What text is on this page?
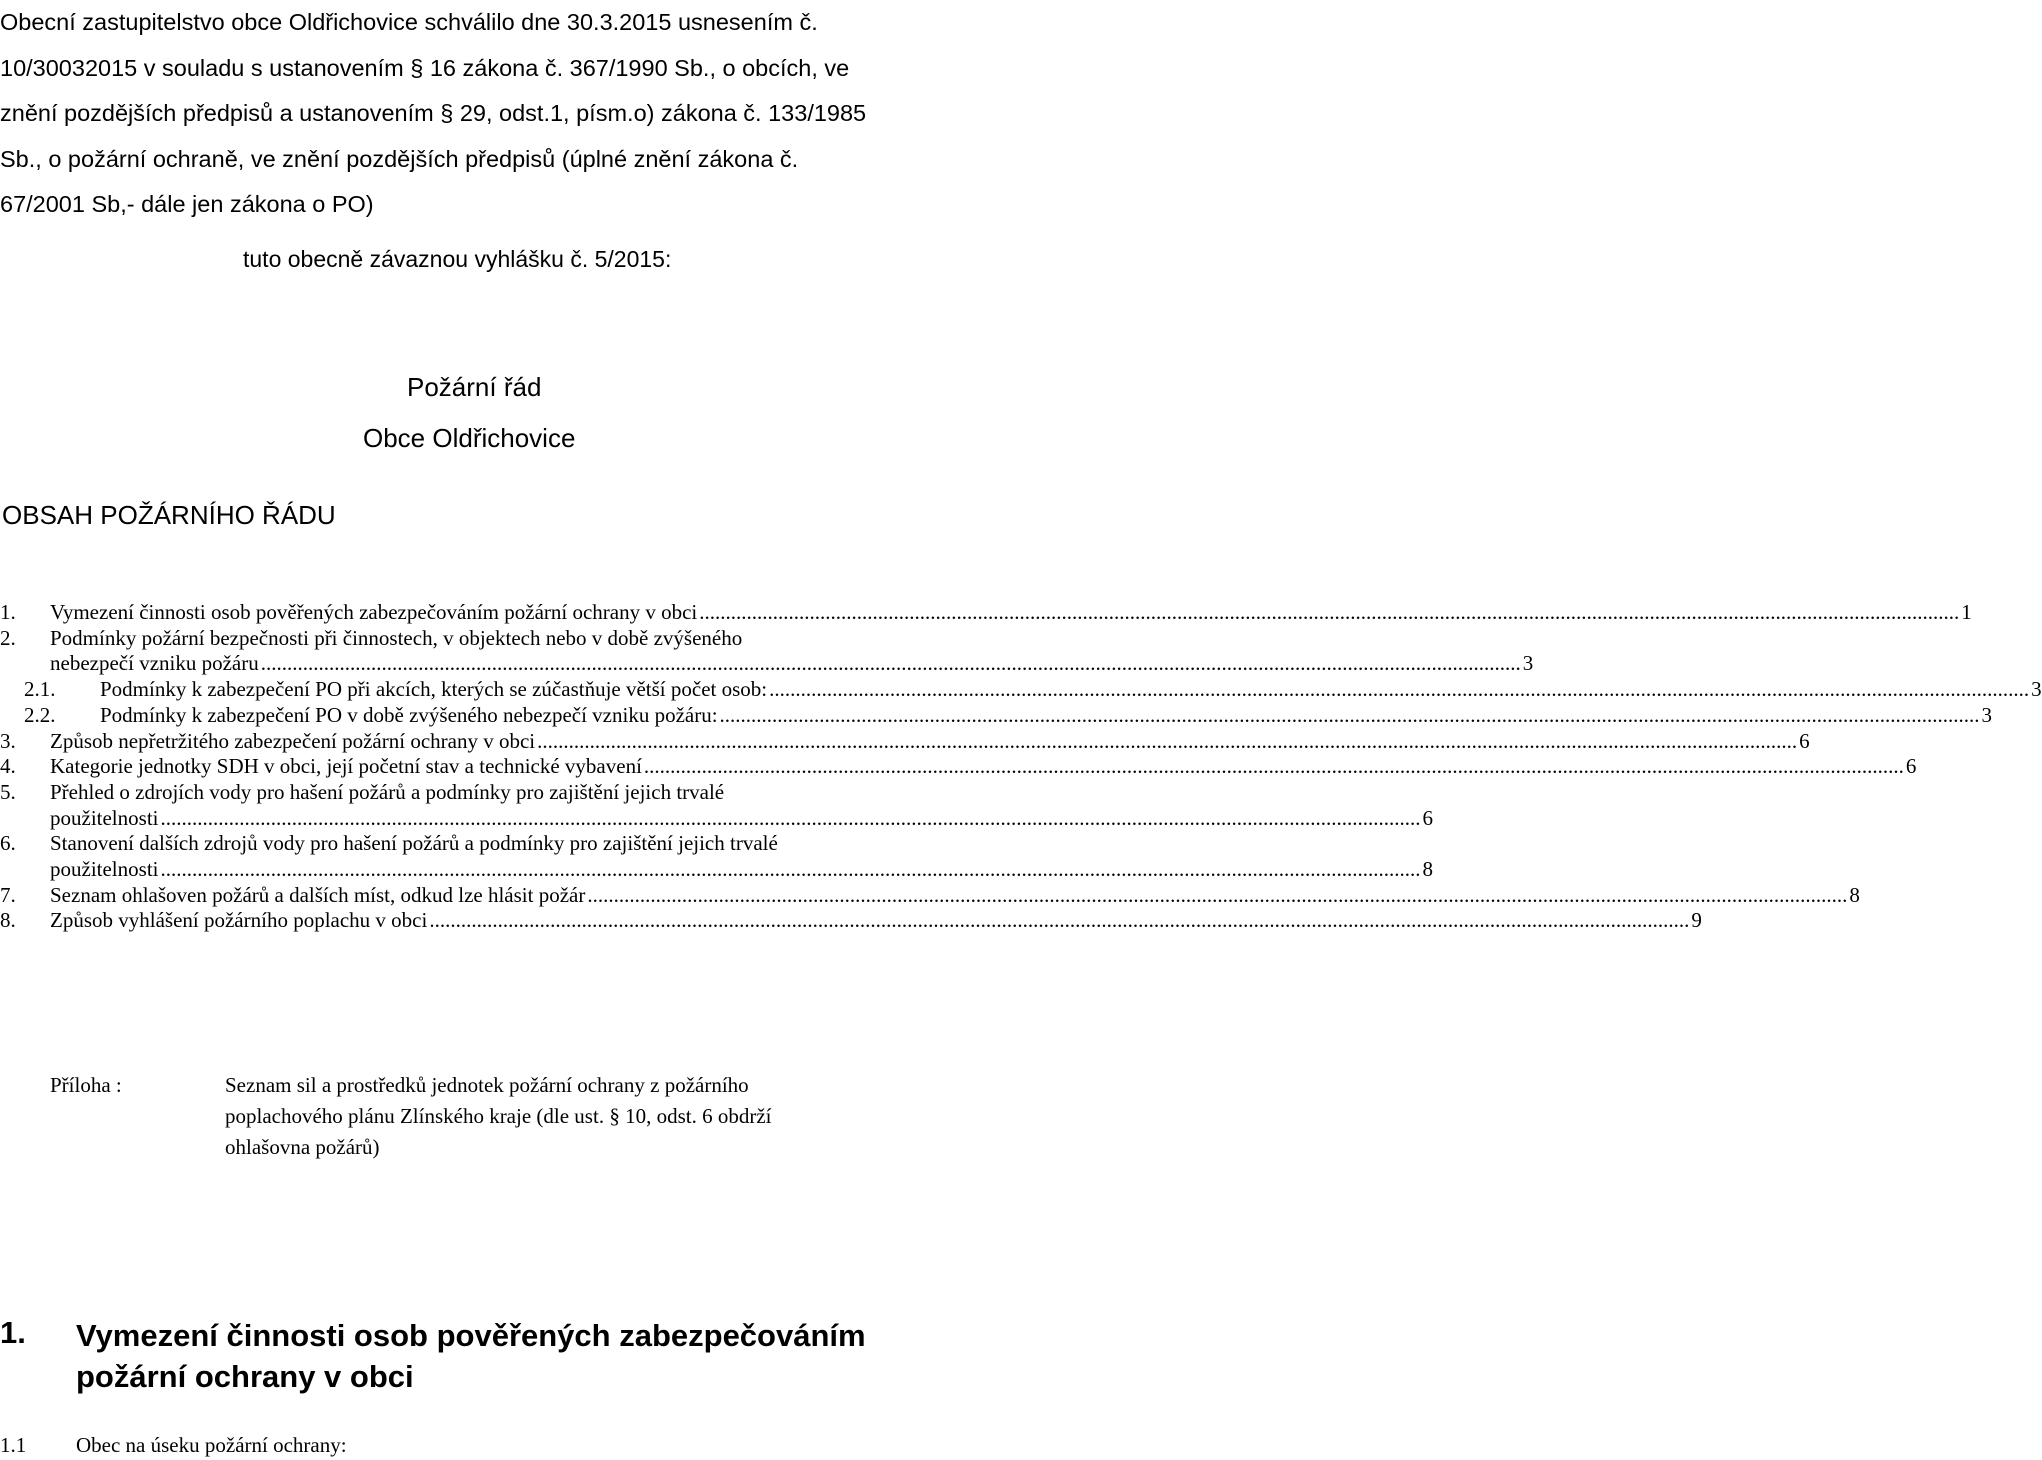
Obecní zastupitelstvo obce Oldřichovice schválilo dne 30.3.2015 usnesením č.
10/30032015 v souladu s ustanovením § 16 zákona č. 367/1990 Sb., o obcích, ve
znění pozdějších předpisů a ustanovením § 29, odst.1, písm.o) zákona č. 133/1985
Sb., o požární ochraně, ve znění pozdějších předpisů (úplné znění zákona č.
67/2001 Sb,- dále jen zákona o PO)
tuto obecně závaznou vyhlášku č. 5/2015:
Požární řád
Obce Oldřichovice
OBSAH POŽÁRNÍHO ŘÁDU
1.	Vymezení činnosti osob pověřených zabezpečováním požární ochrany v obci .....	1
2.	Podmínky požární bezpečnosti při činnostech, v objektech nebo v době zvýšeného
nebezpečí vzniku požáru .....	3
2.1.	Podmínky k zabezpečení PO při akcích, kterých se zúčastňuje větší počet osob: .....	3
2.2.	Podmínky k zabezpečení PO v době zvýšeného nebezpečí vzniku požáru: .....	3
3.	Způsob nepřetržitého zabezpečení požární ochrany v obci .....	6
4.	Kategorie jednotky SDH v obci, její početní stav a technické vybavení .....	6
5.	Přehled o zdrojích vody pro hašení požárů a podmínky pro zajištění jejich trvalé
použitelnosti .....	6
6.	Stanovení dalších zdrojů vody pro hašení požárů a podmínky pro zajištění jejich trvalé
použitelnosti .....	8
7.	Seznam ohlašoven požárů a dalších míst, odkud lze hlásit požár .....	8
8.	Způsob vyhlášení požárního poplachu v obci .....	9
Příloha :	Seznam sil a prostředků jednotek požární ochrany z požárního
poplachového plánu Zlínského kraje (dle ust. § 10, odst. 6 obdrží
ohlašovna požárů)
1. Vymezení činnosti osob pověřených zabezpečováním požární ochrany v obci
1.1 Obec na úseku požární ochrany:
